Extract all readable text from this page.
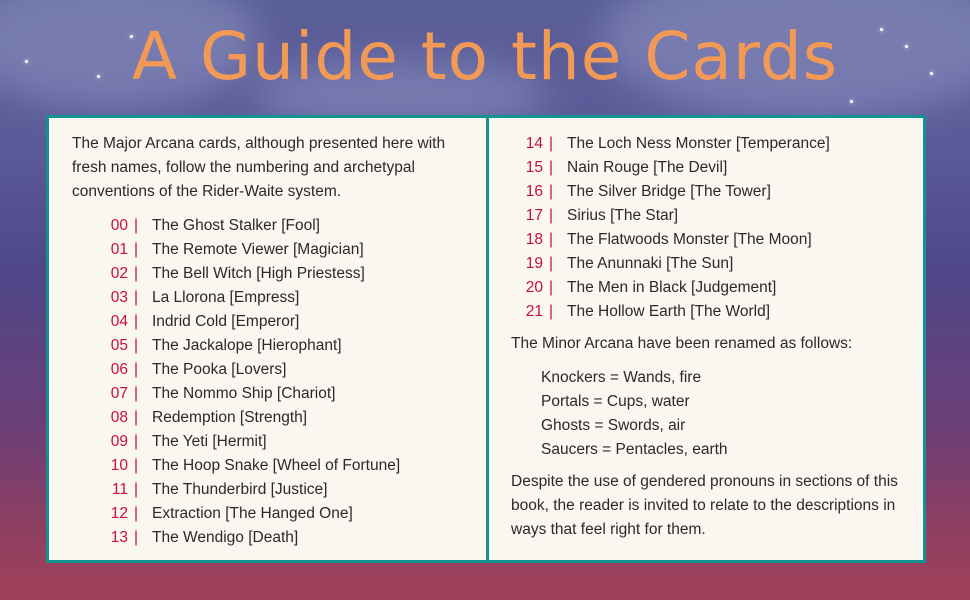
A Guide to the Cards

The Major Arcana cards, although presented here with fresh names, follow the numbering and archetypal conventions of the Rider-Waite system.

00 | The Ghost Stalker [Fool]
01 | The Remote Viewer [Magician]
02 | The Bell Witch [High Priestess]
03 | La Llorona [Empress]
04 | Indrid Cold [Emperor]
05 | The Jackalope [Hierophant]
06 | The Pooka [Lovers]
07 | The Nommo Ship [Chariot]
08 | Redemption [Strength]
09 | The Yeti [Hermit]
10 | The Hoop Snake [Wheel of Fortune]
11 | The Thunderbird [Justice]
12 | Extraction [The Hanged One]
13 | The Wendigo [Death]
14 | The Loch Ness Monster [Temperance]
15 | Nain Rouge [The Devil]
16 | The Silver Bridge [The Tower]
17 | Sirius [The Star]
18 | The Flatwoods Monster [The Moon]
19 | The Anunnaki [The Sun]
20 | The Men in Black [Judgement]
21 | The Hollow Earth [The World]

The Minor Arcana have been renamed as follows:

Knockers = Wands, fire
Portals = Cups, water
Ghosts = Swords, air
Saucers = Pentacles, earth

Despite the use of gendered pronouns in sections of this book, the reader is invited to relate to the descriptions in ways that feel right for them.
